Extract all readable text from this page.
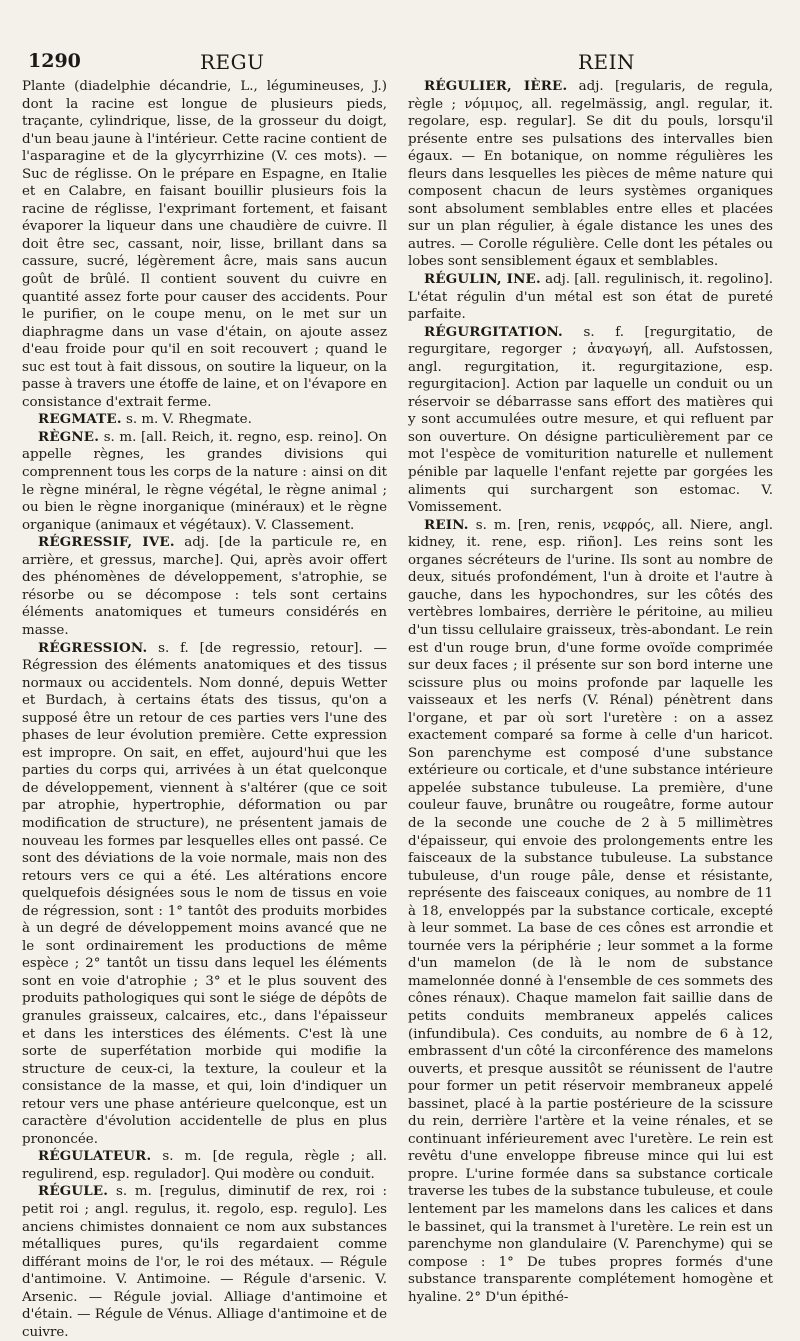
1290	REGU	REIN

Plante (diadelphie décandrie, L., légumineuses, J.) dont la racine est longue de plusieurs pieds, traçante, cylindrique, lisse, de la grosseur du doigt, d'un beau jaune à l'intérieur. Cette racine contient de l'asparagine et de la glycyrrhizine (V. ces mots). — Suc de réglisse. On le prépare en Espagne, en Italie et en Calabre, en faisant bouillir plusieurs fois la racine de réglisse, l'exprimant fortement, et faisant évaporer la liqueur dans une chaudière de cuivre. Il doit être sec, cassant, noir, lisse, brillant dans sa cassure, sucré, légèrement âcre, mais sans aucun goût de brûlé. Il contient souvent du cuivre en quantité assez forte pour causer des accidents. Pour le purifier, on le coupe menu, on le met sur un diaphragme dans un vase d'étain, on ajoute assez d'eau froide pour qu'il en soit recouvert ; quand le suc est tout à fait dissous, on soutire la liqueur, on la passe à travers une étoffe de laine, et on l'évapore en consistance d'extrait ferme.

REGMATE. s. m. V. Rhegmate.

RÈGNE. s. m. [all. Reich, it. regno, esp. reino]. On appelle règnes, les grandes divisions qui comprennent tous les corps de la nature : ainsi on dit le règne minéral, le règne végétal, le règne animal ; ou bien le règne inorganique (minéraux) et le règne organique (animaux et végétaux). V. Classement.

RÉGRESSIF, IVE. adj. [de la particule re, en arrière, et gressus, marche]. Qui, après avoir offert des phénomènes de développement, s'atrophie, se résorbe ou se décompose : tels sont certains éléments anatomiques et tumeurs considérés en masse.

RÉGRESSION. s. f. [de regressio, retour]. — Régression des éléments anatomiques et des tissus normaux ou accidentels. Nom donné, depuis Wetter et Burdach, à certains états des tissus, qu'on a supposé être un retour de ces parties vers l'une des phases de leur évolution première. Cette expression est impropre. On sait, en effet, aujourd'hui que les parties du corps qui, arrivées à un état quelconque de développement, viennent à s'altérer (que ce soit par atrophie, hypertrophie, déformation ou par modification de structure), ne présentent jamais de nouveau les formes par lesquelles elles ont passé. Ce sont des déviations de la voie normale, mais non des retours vers ce qui a été. Les altérations encore quelquefois désignées sous le nom de tissus en voie de régression, sont : 1° tantôt des produits morbides à un degré de développement moins avancé que ne le sont ordinairement les productions de même espèce ; 2° tantôt un tissu dans lequel les éléments sont en voie d'atrophie ; 3° et le plus souvent des produits pathologiques qui sont le siége de dépôts de granules graisseux, calcaires, etc., dans l'épaisseur et dans les interstices des éléments. C'est là une sorte de superfétation morbide qui modifie la structure de ceux-ci, la texture, la couleur et la consistance de la masse, et qui, loin d'indiquer un retour vers une phase antérieure quelconque, est un caractère d'évolution accidentelle de plus en plus prononcée.

RÉGULATEUR. s. m. [de regula, règle ; all. regulirend, esp. regulador]. Qui modère ou conduit.

RÉGULE. s. m. [regulus, diminutif de rex, roi : petit roi ; angl. regulus, it. regolo, esp. regulo]. Les anciens chimistes donnaient ce nom aux substances métalliques pures, qu'ils regardaient comme différant moins de l'or, le roi des métaux. — Régule d'antimoine. V. Antimoine. — Régule d'arsenic. V. Arsenic. — Régule jovial. Alliage d'antimoine et d'étain. — Régule de Vénus. Alliage d'antimoine et de cuivre.

RÉGULIER, IÈRE. adj. [regularis, de regula, règle ; νόμιμος, all. regelmässig, angl. regular, it. regolare, esp. regular]. Se dit du pouls, lorsqu'il présente entre ses pulsations des intervalles bien égaux. — En botanique, on nomme régulières les fleurs dans lesquelles les pièces de même nature qui composent chacun de leurs systèmes organiques sont absolument semblables entre elles et placées sur un plan régulier, à égale distance les unes des autres. — Corolle régulière. Celle dont les pétales ou lobes sont sensiblement égaux et semblables.

RÉGULIN, INE. adj. [all. regulinisch, it. regolino]. L'état régulin d'un métal est son état de pureté parfaite.

RÉGURGITATION. s. f. [regurgitatio, de regurgitare, regorger ; ἀναγωγή, all. Aufstossen, angl. regurgitation, it. regurgitazione, esp. regurgitacion]. Action par laquelle un conduit ou un réservoir se débarrasse sans effort des matières qui y sont accumulées outre mesure, et qui refluent par son ouverture. On désigne particulièrement par ce mot l'espèce de vomiturition naturelle et nullement pénible par laquelle l'enfant rejette par gorgées les aliments qui surchargent son estomac. V. Vomissement.

REIN. s. m. [ren, renis, νεφρός, all. Niere, angl. kidney, it. rene, esp. riñon]. Les reins sont les organes sécréteurs de l'urine. Ils sont au nombre de deux, situés profondément, l'un à droite et l'autre à gauche, dans les hypochondres, sur les côtés des vertèbres lombaires, derrière le péritoine, au milieu d'un tissu cellulaire graisseux, très-abondant. Le rein est d'un rouge brun, d'une forme ovoïde comprimée sur deux faces ; il présente sur son bord interne une scissure plus ou moins profonde par laquelle les vaisseaux et les nerfs (V. Rénal) pénètrent dans l'organe, et par où sort l'uretère : on a assez exactement comparé sa forme à celle d'un haricot. Son parenchyme est composé d'une substance extérieure ou corticale, et d'une substance intérieure appelée substance tubuleuse. La première, d'une couleur fauve, brunâtre ou rougeâtre, forme autour de la seconde une couche de 2 à 5 millimètres d'épaisseur, qui envoie des prolongements entre les faisceaux de la substance tubuleuse. La substance tubuleuse, d'un rouge pâle, dense et résistante, représente des faisceaux coniques, au nombre de 11 à 18, enveloppés par la substance corticale, excepté à leur sommet. La base de ces cônes est arrondie et tournée vers la périphérie ; leur sommet a la forme d'un mamelon (de là le nom de substance mamelonnée donné à l'ensemble de ces sommets des cônes rénaux). Chaque mamelon fait saillie dans de petits conduits membraneux appelés calices (infundibula). Ces conduits, au nombre de 6 à 12, embrassent d'un côté la circonférence des mamelons ouverts, et presque aussitôt se réunissent de l'autre pour former un petit réservoir membraneux appelé bassinet, placé à la partie postérieure de la scissure du rein, derrière l'artère et la veine rénales, et se continuant inférieurement avec l'uretère. Le rein est revêtu d'une enveloppe fibreuse mince qui lui est propre. L'urine formée dans sa substance corticale traverse les tubes de la substance tubuleuse, et coule lentement par les mamelons dans les calices et dans le bassinet, qui la transmet à l'uretère. Le rein est un parenchyme non glandulaire (V. Parenchyme) qui se compose : 1° De tubes propres formés d'une substance transparente complétement homogène et hyaline. 2° D'un épithé-
